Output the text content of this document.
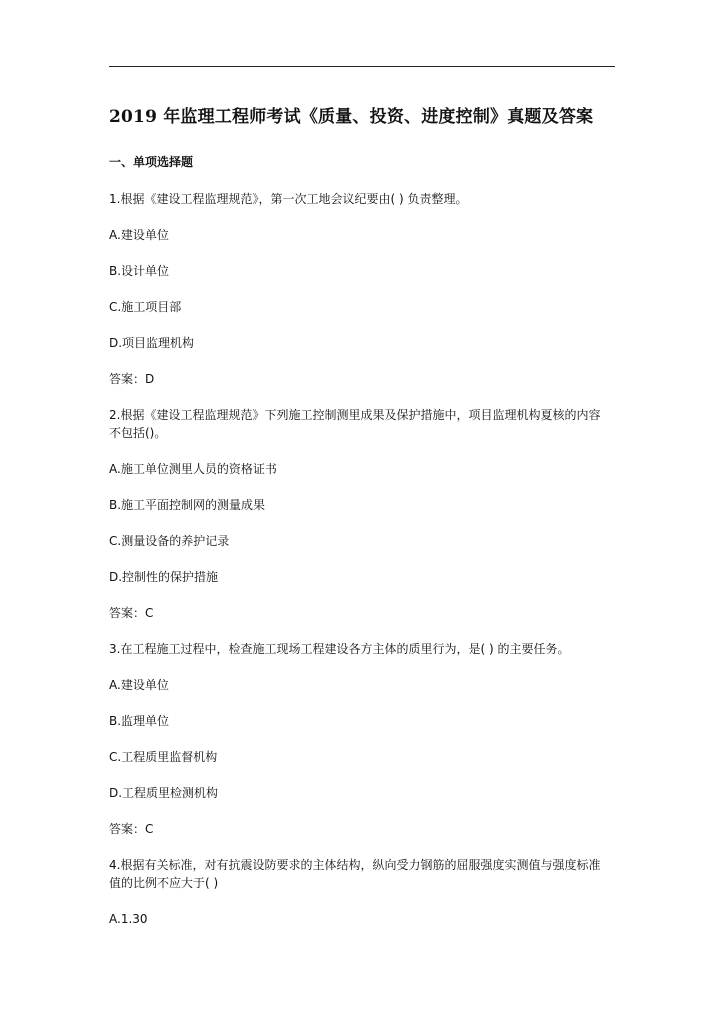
2019 年监理工程师考试《质量、投资、进度控制》真题及答案
一、单项选择题
1.根据《建设工程监理规范》，第一次工地会议纪要由( ) 负责整理。
A.建设单位
B.设计单位
C.施工项目部
D.项目监理机构
答案：D
2.根据《建设工程监理规范》下列施工控制测里成果及保护措施中，项目监理机构夏核的内容
不包括()。
A.施工单位测里人员的资格证书
B.施工平面控制网的测量成果
C.测量设备的养护记录
D.控制性的保护措施
答案：C
3.在工程施工过程中，检查施工现场工程建设各方主体的质里行为，是( ) 的主要任务。
A.建设单位
B.监理单位
C.工程质里监督机构
D.工程质里检测机构
答案：C
4.根据有关标准，对有抗震设防要求的主体结构，纵向受力钢筋的屈服强度实测值与强度标准
值的比例不应大于( )
A.1.30
